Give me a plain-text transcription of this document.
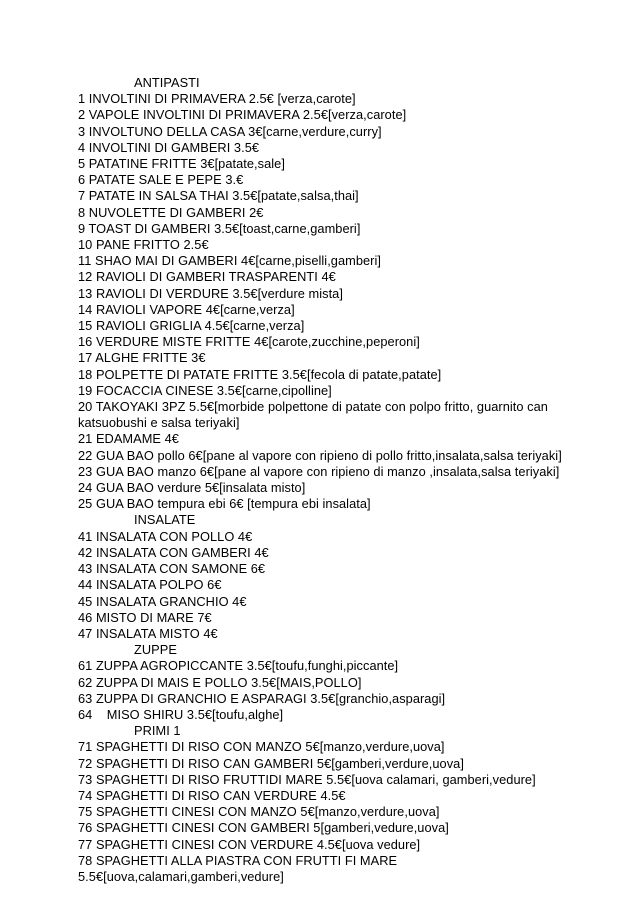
ANTIPASTI
1 INVOLTINI DI PRIMAVERA 2.5€ [verza,carote]
2 VAPOLE INVOLTINI DI PRIMAVERA 2.5€[verza,carote]
3 INVOLTUNO DELLA CASA 3€[carne,verdure,curry]
4 INVOLTINI DI GAMBERI 3.5€
5 PATATINE FRITTE 3€[patate,sale]
6 PATATE SALE E PEPE 3.€
7 PATATE IN SALSA THAI 3.5€[patate,salsa,thai]
8 NUVOLETTE DI GAMBERI 2€
9 TOAST DI GAMBERI 3.5€[toast,carne,gamberi]
10 PANE FRITTO 2.5€
11 SHAO MAI DI GAMBERI 4€[carne,piselli,gamberi]
12 RAVIOLI DI GAMBERI TRASPARENTI 4€
13 RAVIOLI DI VERDURE 3.5€[verdure mista]
14 RAVIOLI VAPORE 4€[carne,verza]
15 RAVIOLI GRIGLIA 4.5€[carne,verza]
16 VERDURE MISTE FRITTE 4€[carote,zucchine,peperoni]
17 ALGHE FRITTE 3€
18 POLPETTE DI PATATE FRITTE 3.5€[fecola di patate,patate]
19 FOCACCIA CINESE 3.5€[carne,cipolline]
20 TAKOYAKI 3PZ 5.5€[morbide polpettone di patate con polpo fritto, guarnito can
katsuobushi e salsa teriyaki]
21 EDAMAME 4€
22 GUA BAO pollo 6€[pane al vapore con ripieno di pollo fritto,insalata,salsa teriyaki]
23 GUA BAO manzo 6€[pane al vapore con ripieno di manzo ,insalata,salsa teriyaki]
24 GUA BAO verdure 5€[insalata misto]
25 GUA BAO tempura ebi 6€ [tempura ebi insalata]
INSALATE
41 INSALATA CON POLLO 4€
42 INSALATA CON GAMBERI 4€
43 INSALATA CON SAMONE 6€
44 INSALATA POLPO 6€
45 INSALATA GRANCHIO 4€
46 MISTO DI MARE 7€
47 INSALATA MISTO 4€
ZUPPE
61 ZUPPA AGROPICCANTE 3.5€[toufu,funghi,piccante]
62 ZUPPA DI MAIS E POLLO 3.5€[MAIS,POLLO]
63 ZUPPA DI GRANCHIO E ASPARAGI 3.5€[granchio,asparagi]
64    MISO SHIRU 3.5€[toufu,alghe]
PRIMI 1
71 SPAGHETTI DI RISO CON MANZO 5€[manzo,verdure,uova]
72 SPAGHETTI DI RISO CAN GAMBERI 5€[gamberi,verdure,uova]
73 SPAGHETTI DI RISO FRUTTIDI MARE 5.5€[uova calamari, gamberi,vedure]
74 SPAGHETTI DI RISO CAN VERDURE 4.5€
75 SPAGHETTI CINESI CON MANZO 5€[manzo,verdure,uova]
76 SPAGHETTI CINESI CON GAMBERI 5[gamberi,vedure,uova]
77 SPAGHETTI CINESI CON VERDURE 4.5€[uova vedure]
78 SPAGHETTI ALLA PIASTRA CON FRUTTI FI MARE
5.5€[uova,calamari,gamberi,vedure]
